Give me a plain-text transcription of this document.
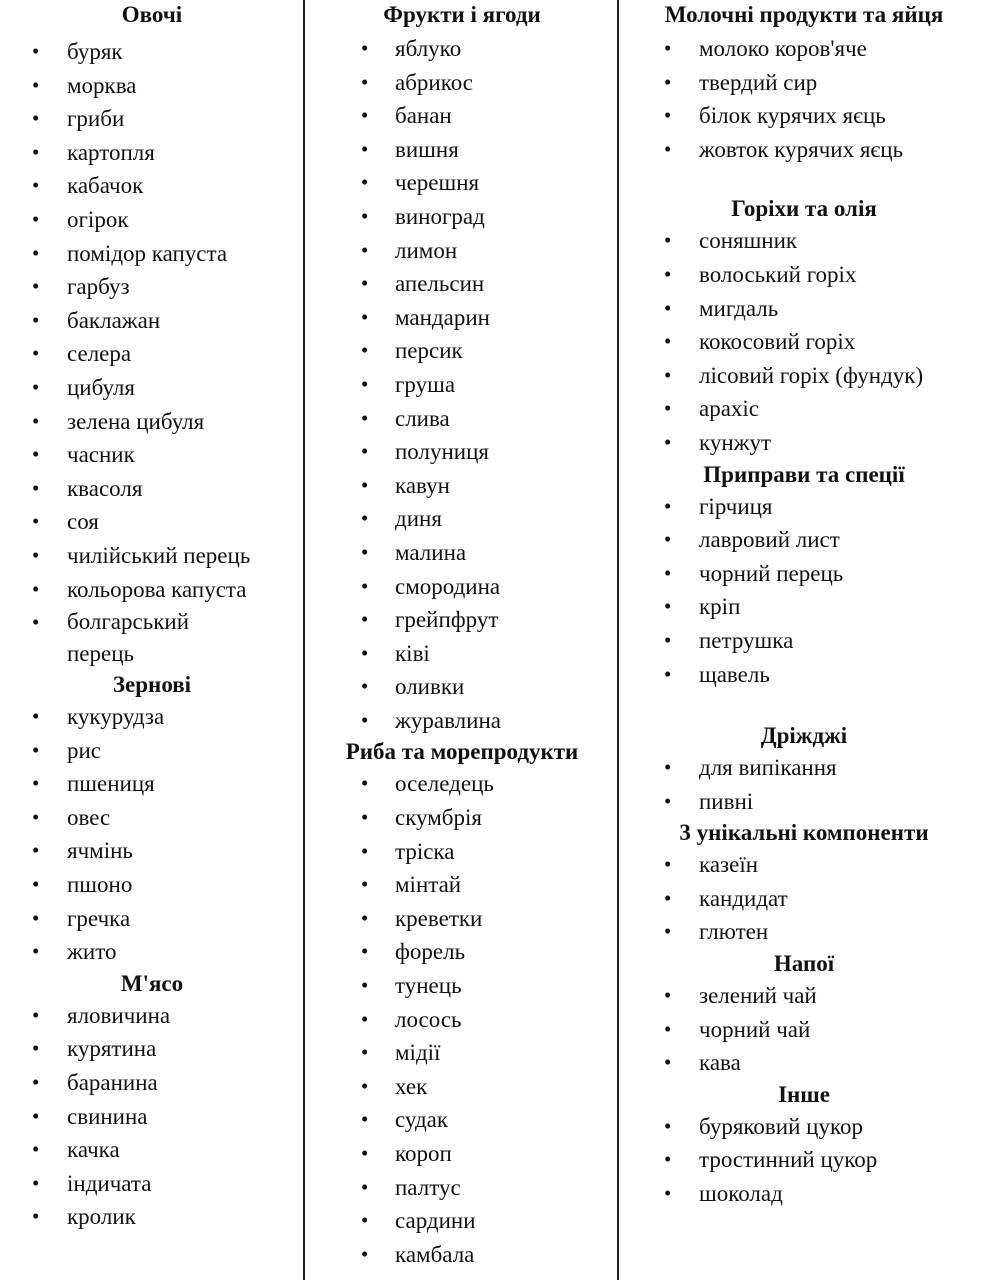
Овочі
• буряк
• морква
• гриби
• картопля
• кабачок
• огірок
• помідор капуста
• гарбуз
• баклажан
• селера
• цибуля
• зелена цибуля
• часник
• квасоля
• соя
• чилійський перець
• кольорова капуста
• болгарський перець
Зернові
• кукурудза
• рис
• пшениця
• овес
• ячмінь
• пшоно
• гречка
• жито
М'ясо
• яловичина
• курятина
• баранина
• свинина
• качка
• індичата
• кролик
Фрукти і ягоди
• яблуко
• абрикос
• банан
• вишня
• черешня
• виноград
• лимон
• апельсин
• мандарин
• персик
• груша
• слива
• полуниця
• кавун
• диня
• малина
• смородина
• грейпфрут
• ківі
• оливки
• журавлина
Риба та морепродукти
• оселедець
• скумбрія
• тріска
• мінтай
• креветки
• форель
• тунець
• лосось
• мідії
• хек
• судак
• короп
• палтус
• сардини
• камбала
Молочні продукти та яйця
• молоко коров'яче
• твердий сир
• білок курячих яєць
• жовток курячих яєць
Горіхи та олія
• соняшник
• волоський горіх
• мигдаль
• кокосовий горіх
• лісовий горіх (фундук)
• арахіс
• кунжут
Приправи та спеції
• гірчиця
• лавровий лист
• чорний перець
• кріп
• петрушка
• щавель
Дріжджі
• для випікання
• пивні
3 унікальні компоненти
• казеїн
• кандидат
• глютен
Напої
• зелений чай
• чорний чай
• кава
Інше
• буряковий цукор
• тростинний цукор
• шоколад
